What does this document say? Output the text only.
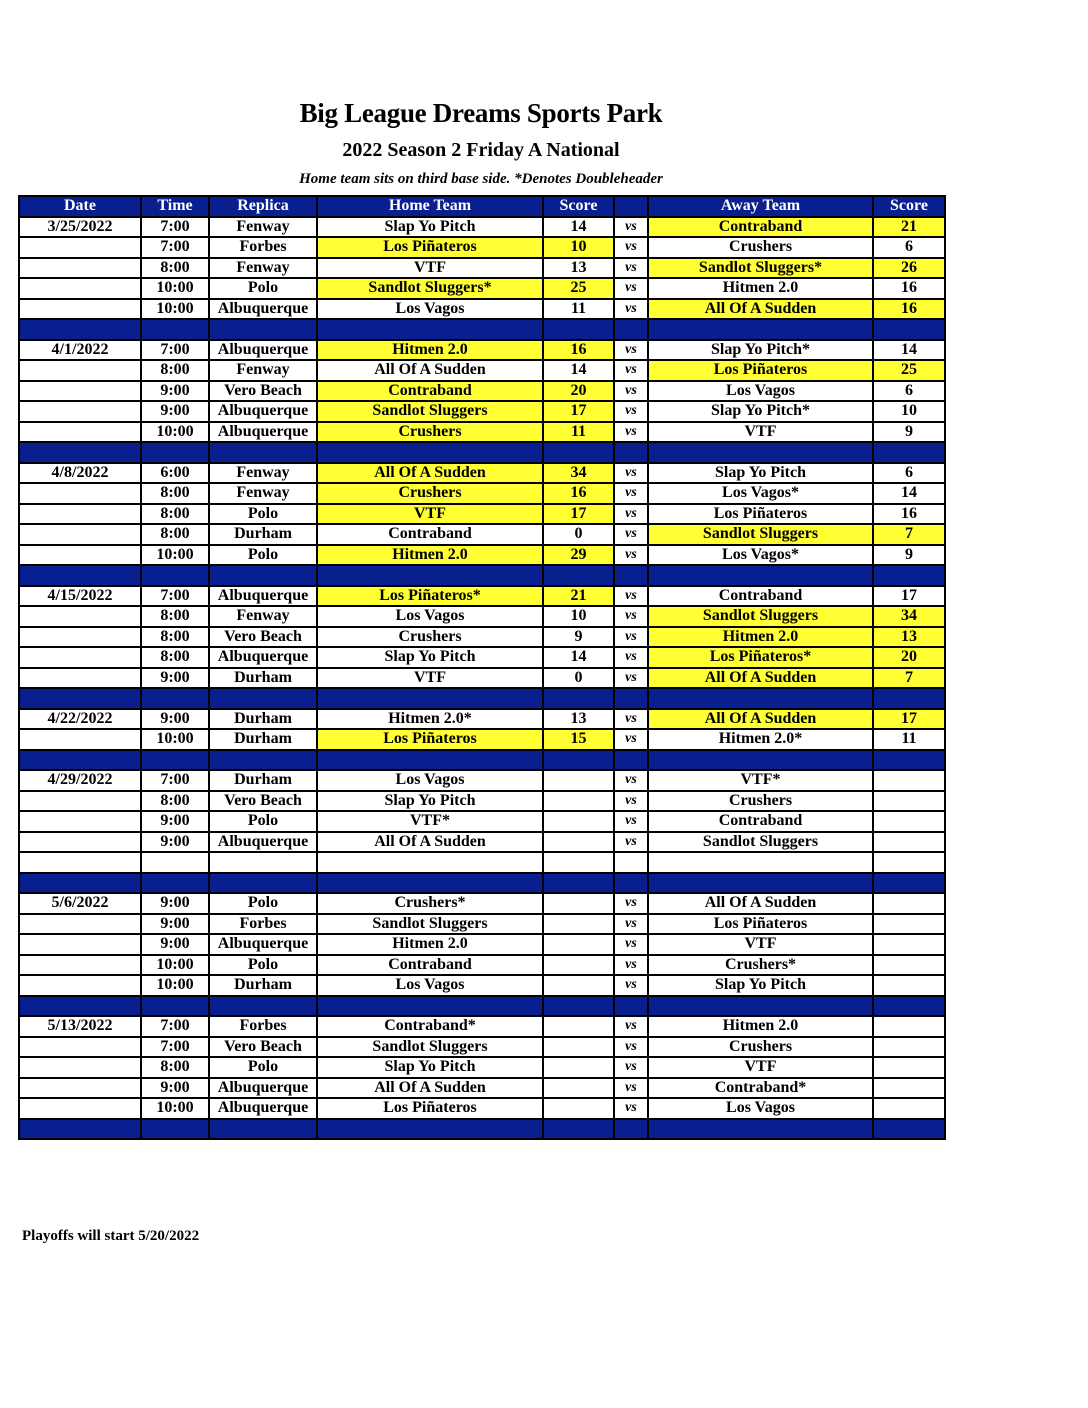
Big League Dreams Sports Park
2022 Season 2 Friday A National
Home team sits on third base side. *Denotes Doubleheader
Date	Time	Replica	Home Team	Score		Away Team	Score
3/25/2022	7:00	Fenway	Slap Yo Pitch	14	vs	Contraband	21
	7:00	Forbes	Los Piñateros	10	vs	Crushers	6
	8:00	Fenway	VTF	13	vs	Sandlot Sluggers*	26
	10:00	Polo	Sandlot Sluggers*	25	vs	Hitmen 2.0	16
	10:00	Albuquerque	Los Vagos	11	vs	All Of A Sudden	16

4/1/2022	7:00	Albuquerque	Hitmen 2.0	16	vs	Slap Yo Pitch*	14
	8:00	Fenway	All Of A Sudden	14	vs	Los Piñateros	25
	9:00	Vero Beach	Contraband	20	vs	Los Vagos	6
	9:00	Albuquerque	Sandlot Sluggers	17	vs	Slap Yo Pitch*	10
	10:00	Albuquerque	Crushers	11	vs	VTF	9

4/8/2022	6:00	Fenway	All Of A Sudden	34	vs	Slap Yo Pitch	6
	8:00	Fenway	Crushers	16	vs	Los Vagos*	14
	8:00	Polo	VTF	17	vs	Los Piñateros	16
	8:00	Durham	Contraband	0	vs	Sandlot Sluggers	7
	10:00	Polo	Hitmen 2.0	29	vs	Los Vagos*	9

4/15/2022	7:00	Albuquerque	Los Piñateros*	21	vs	Contraband	17
	8:00	Fenway	Los Vagos	10	vs	Sandlot Sluggers	34
	8:00	Vero Beach	Crushers	9	vs	Hitmen 2.0	13
	8:00	Albuquerque	Slap Yo Pitch	14	vs	Los Piñateros*	20
	9:00	Durham	VTF	0	vs	All Of A Sudden	7

4/22/2022	9:00	Durham	Hitmen 2.0*	13	vs	All Of A Sudden	17
	10:00	Durham	Los Piñateros	15	vs	Hitmen 2.0*	11

4/29/2022	7:00	Durham	Los Vagos		vs	VTF*	
	8:00	Vero Beach	Slap Yo Pitch		vs	Crushers	
	9:00	Polo	VTF*		vs	Contraband	
	9:00	Albuquerque	All Of A Sudden		vs	Sandlot Sluggers	

5/6/2022	9:00	Polo	Crushers*		vs	All Of A Sudden	
	9:00	Forbes	Sandlot Sluggers		vs	Los Piñateros	
	9:00	Albuquerque	Hitmen 2.0		vs	VTF	
	10:00	Polo	Contraband		vs	Crushers*	
	10:00	Durham	Los Vagos		vs	Slap Yo Pitch	

5/13/2022	7:00	Forbes	Contraband*		vs	Hitmen 2.0	
	7:00	Vero Beach	Sandlot Sluggers		vs	Crushers	
	8:00	Polo	Slap Yo Pitch		vs	VTF	
	9:00	Albuquerque	All Of A Sudden		vs	Contraband*	
	10:00	Albuquerque	Los Piñateros		vs	Los Vagos	

Playoffs will start 5/20/2022
